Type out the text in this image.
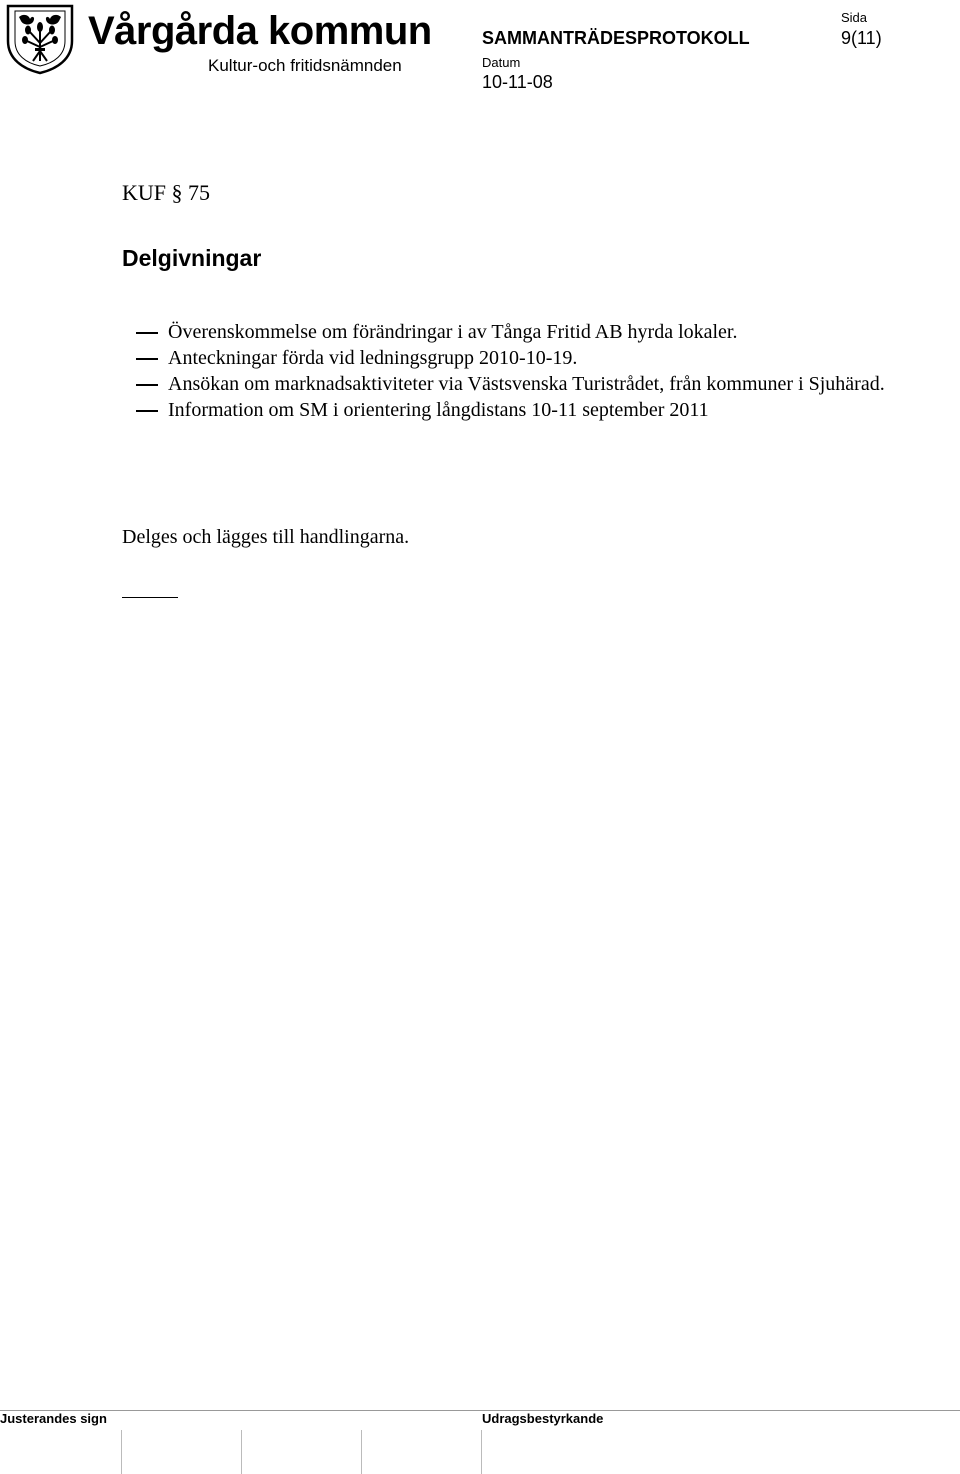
Vårgårda kommun
Kultur-och fritidsnämnden
SAMMANTRÄDESPROTOKOLL
Datum
10-11-08
Sida
9(11)
KUF § 75
Delgivningar
Överenskommelse om förändringar i av Tånga Fritid AB hyrda lokaler.
Anteckningar förda vid ledningsgrupp 2010-10-19.
Ansökan om marknadsaktiviteter via Västsvenska Turistrådet, från kommuner i Sjuhärad.
Information om SM i orientering långdistans 10-11 september 2011
Delges och lägges till handlingarna.
Justerandes sign	Udragsbestyrkande
